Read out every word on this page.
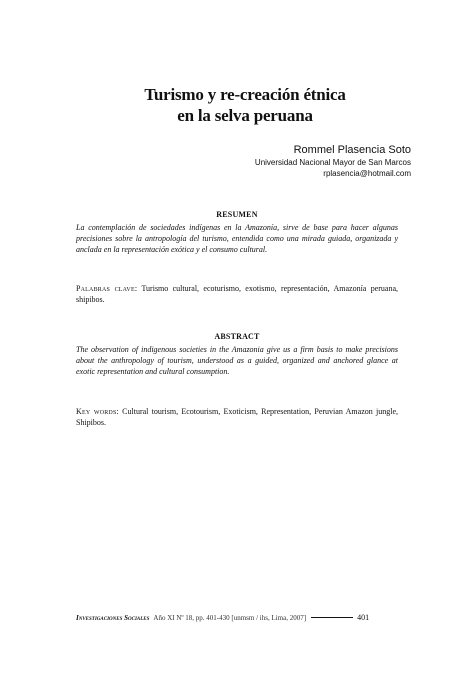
Turismo y re-creación étnica
en la selva peruana
Rommel Plasencia Soto
Universidad Nacional Mayor de San Marcos
rplasencia@hotmail.com
RESUMEN

La contemplación de sociedades indígenas en la Amazonía, sirve de base para hacer algunas precisiones sobre la antropología del turismo, entendida como una mirada guiada, organizada y anclada en la representación exótica y el consumo cultural.

Palabras clave: Turismo cultural, ecoturismo, exotismo, representación, Amazonía peruana, shipibos.

ABSTRACT

The observation of indigenous societies in the Amazonia give us a firm basis to make precisions about the anthropology of tourism, understood as a guided, organized and anchored glance at exotic representation and cultural consumption.

Key words: Cultural tourism, Ecotourism, Exoticism, Representation, Peruvian Amazon jungle, Shipibos.

Investigaciones Sociales Año XI Nº 18, pp. 401-430 [unmsm / ihs, Lima, 2007]	401
